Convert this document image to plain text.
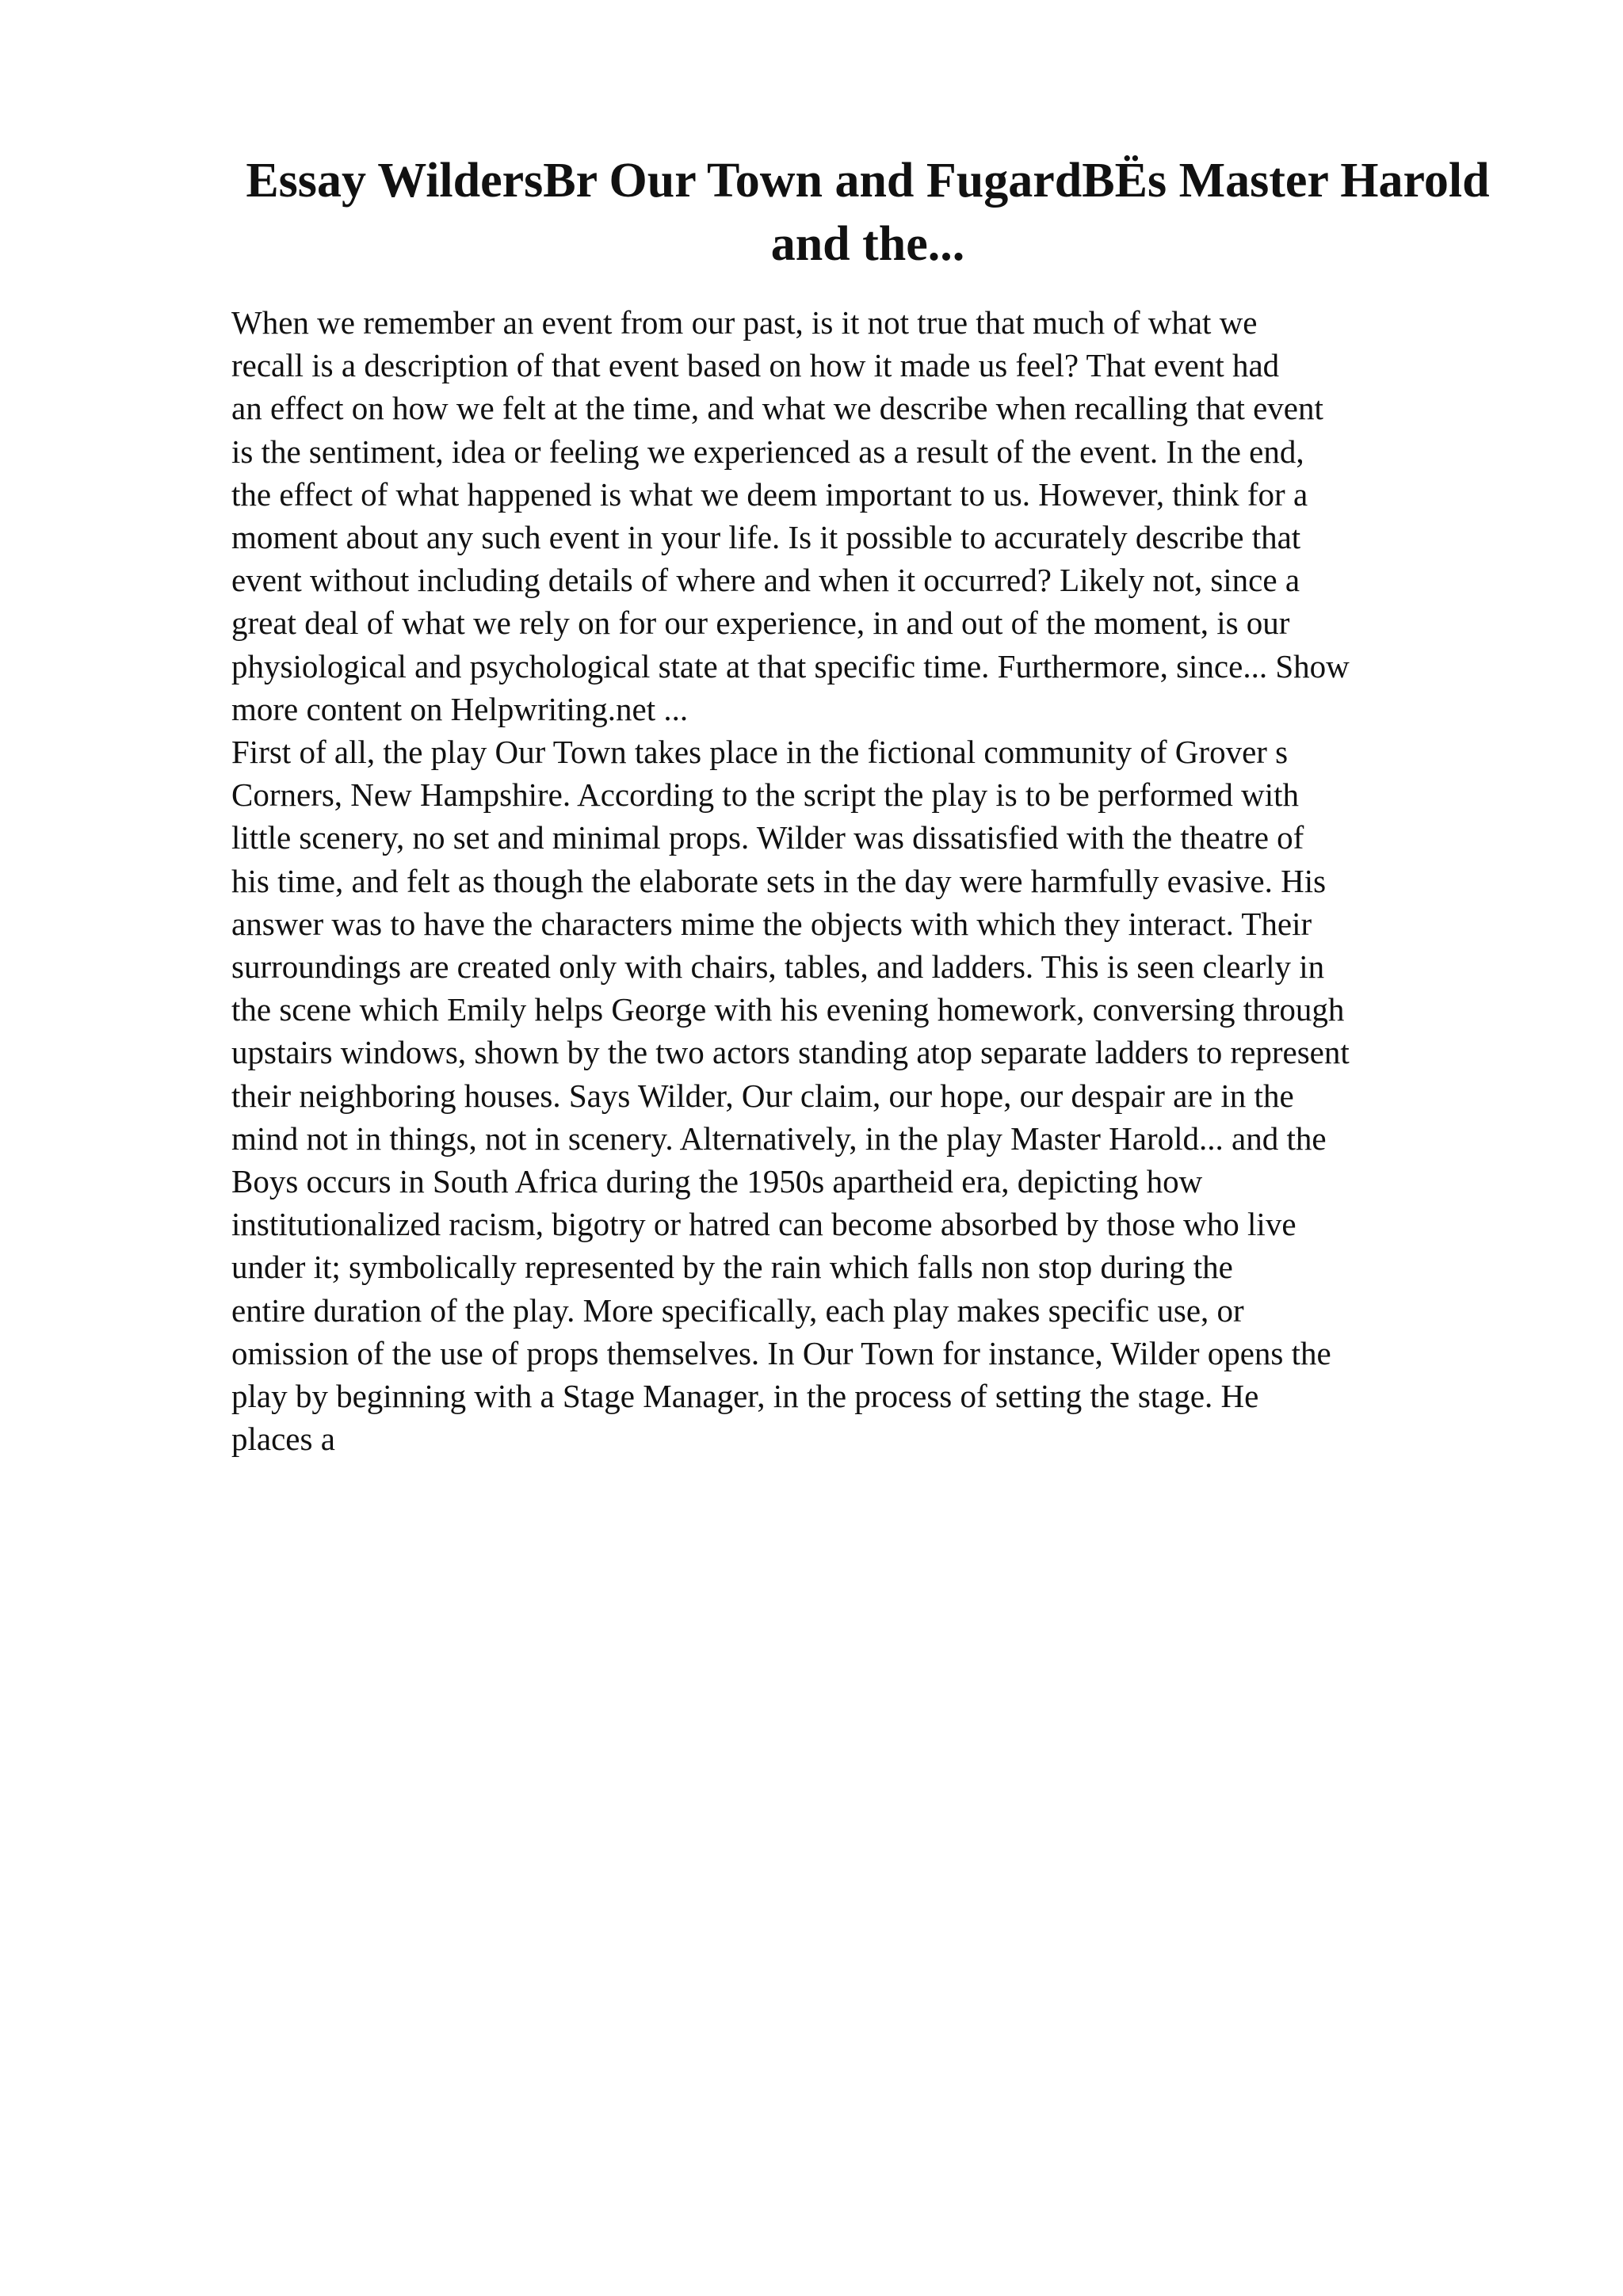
Essay WildersBr Our Town and FugardBËs Master Harold
and the...
When we remember an event from our past, is it not true that much of what we
recall is a description of that event based on how it made us feel? That event had
an effect on how we felt at the time, and what we describe when recalling that event
is the sentiment, idea or feeling we experienced as a result of the event. In the end,
the effect of what happened is what we deem important to us. However, think for a
moment about any such event in your life. Is it possible to accurately describe that
event without including details of where and when it occurred? Likely not, since a
great deal of what we rely on for our experience, in and out of the moment, is our
physiological and psychological state at that specific time. Furthermore, since... Show
more content on Helpwriting.net ...
First of all, the play Our Town takes place in the fictional community of Grover s
Corners, New Hampshire. According to the script the play is to be performed with
little scenery, no set and minimal props. Wilder was dissatisfied with the theatre of
his time, and felt as though the elaborate sets in the day were harmfully evasive. His
answer was to have the characters mime the objects with which they interact. Their
surroundings are created only with chairs, tables, and ladders. This is seen clearly in
the scene which Emily helps George with his evening homework, conversing through
upstairs windows, shown by the two actors standing atop separate ladders to represent
their neighboring houses. Says Wilder, Our claim, our hope, our despair are in the
mind not in things, not in scenery. Alternatively, in the play Master Harold... and the
Boys occurs in South Africa during the 1950s apartheid era, depicting how
institutionalized racism, bigotry or hatred can become absorbed by those who live
under it; symbolically represented by the rain which falls non stop during the
entire duration of the play. More specifically, each play makes specific use, or
omission of the use of props themselves. In Our Town for instance, Wilder opens the
play by beginning with a Stage Manager, in the process of setting the stage. He
places a
